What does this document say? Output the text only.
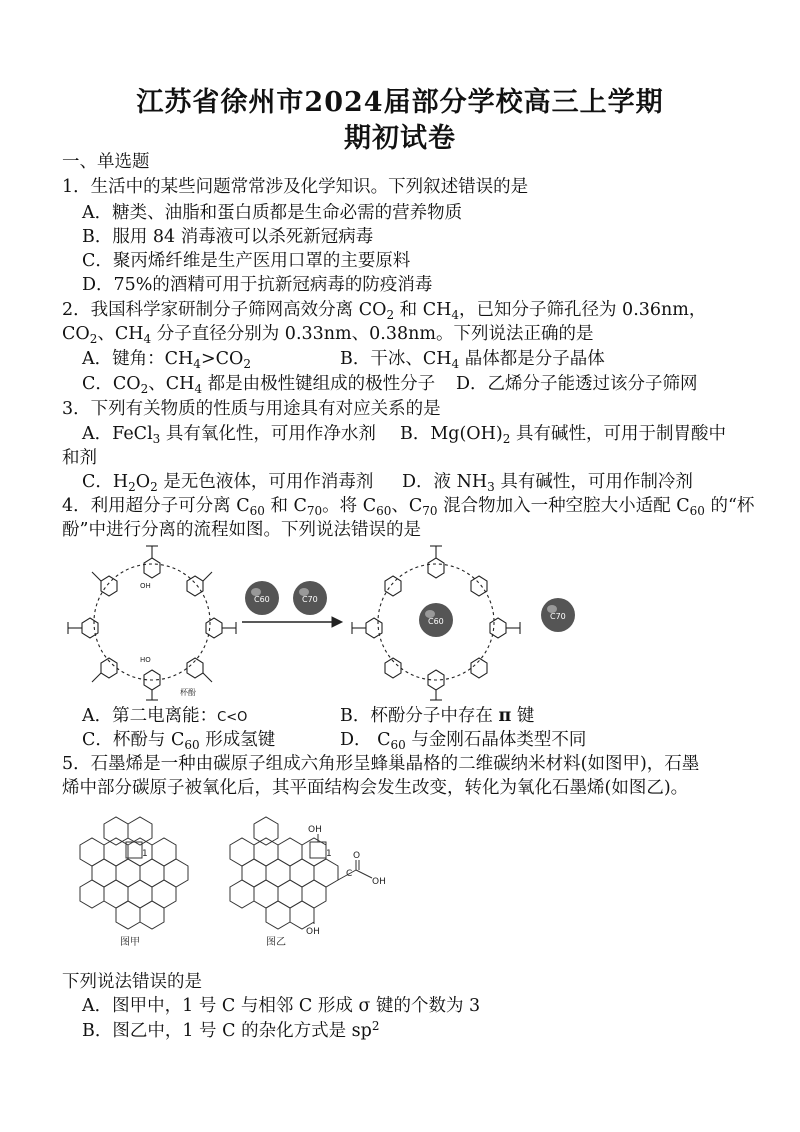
江苏省徐州市2024届部分学校高三上学期
期初试卷
一、单选题
1．生活中的某些问题常常涉及化学知识。下列叙述错误的是
A．糖类、油脂和蛋白质都是生命必需的营养物质
B．服用 84 消毒液可以杀死新冠病毒
C．聚丙烯纤维是生产医用口罩的主要原料
D．75%的酒精可用于抗新冠病毒的防疫消毒
2．我国科学家研制分子筛网高效分离 $CO_2$ 和 $CH_4$，已知分子筛孔径为 0.36nm，
$CO_2$、$CH_4$ 分子直径分别为 0.33nm、0.38nm。下列说法正确的是
A．键角：$CH_4>CO_2$	B．干冰、$CH_4$ 晶体都是分子晶体
C．$CO_2$、$CH_4$ 都是由极性键组成的极性分子 D．乙烯分子能透过该分子筛网
3．下列有关物质的性质与用途具有对应关系的是
A．FeCl$_3$ 具有氧化性，可用作净水剂 B．$Mg(OH)_2$ 具有碱性，可用于制胃酸中
和剂
C．$H_2O_2$ 是无色液体，可用作消毒剂 D．液 $NH_3$ 具有碱性，可用作制冷剂
4．利用超分子可分离 $C_{60}$ 和 $C_{70}$。将 $C_{60}$、$C_{70}$ 混合物加入一种空腔大小适配 $C_{60}$ 的“杯
酚”中进行分离的流程如图。下列说法错误的是
OH
HO
杯酚
C60	C70
C60
C70
A．第二电离能：C<O	B．杯酚分子中存在 π 键
C．杯酚与 $C_{60}$ 形成氢键	D． $C_{60}$ 与金刚石晶体类型不同
5．石墨烯是一种由碳原子组成六角形呈蜂巢晶格的二维碳纳米材料(如图甲)，石墨
烯中部分碳原子被氧化后，其平面结构会发生改变，转化为氧化石墨烯(如图乙)。
1
图甲
OH
1 O
C
OH
OH
图乙
下列说法错误的是
A．图甲中，1 号 C 与相邻 C 形成 σ 键的个数为 3
B．图乙中，1 号 C 的杂化方式是 $sp^2$
